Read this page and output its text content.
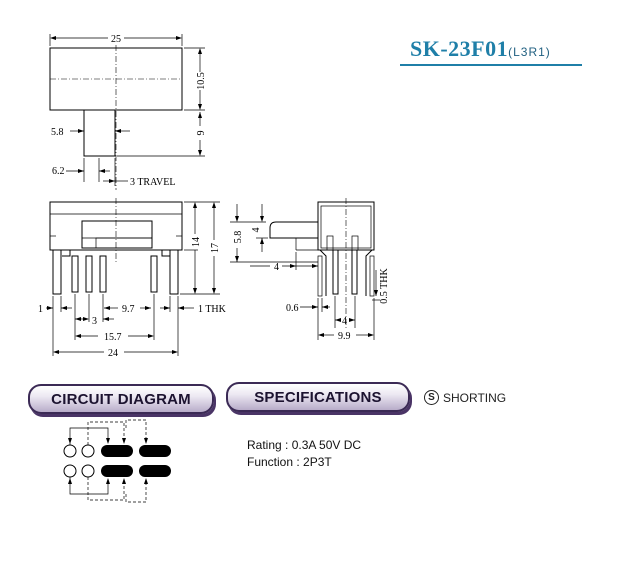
25
10.5
9
5.8
6.2
3 TRAVEL
17
14
1	9.7	1 THK
3
15.7
24
5.8
4
4
0.5 THK
0.6
4
9.9
SK-23F01(L3R1)
CIRCUIT DIAGRAM	SPECIFICATIONS	S SHORTING
Rating : 0.3A 50V DC
Function : 2P3T
